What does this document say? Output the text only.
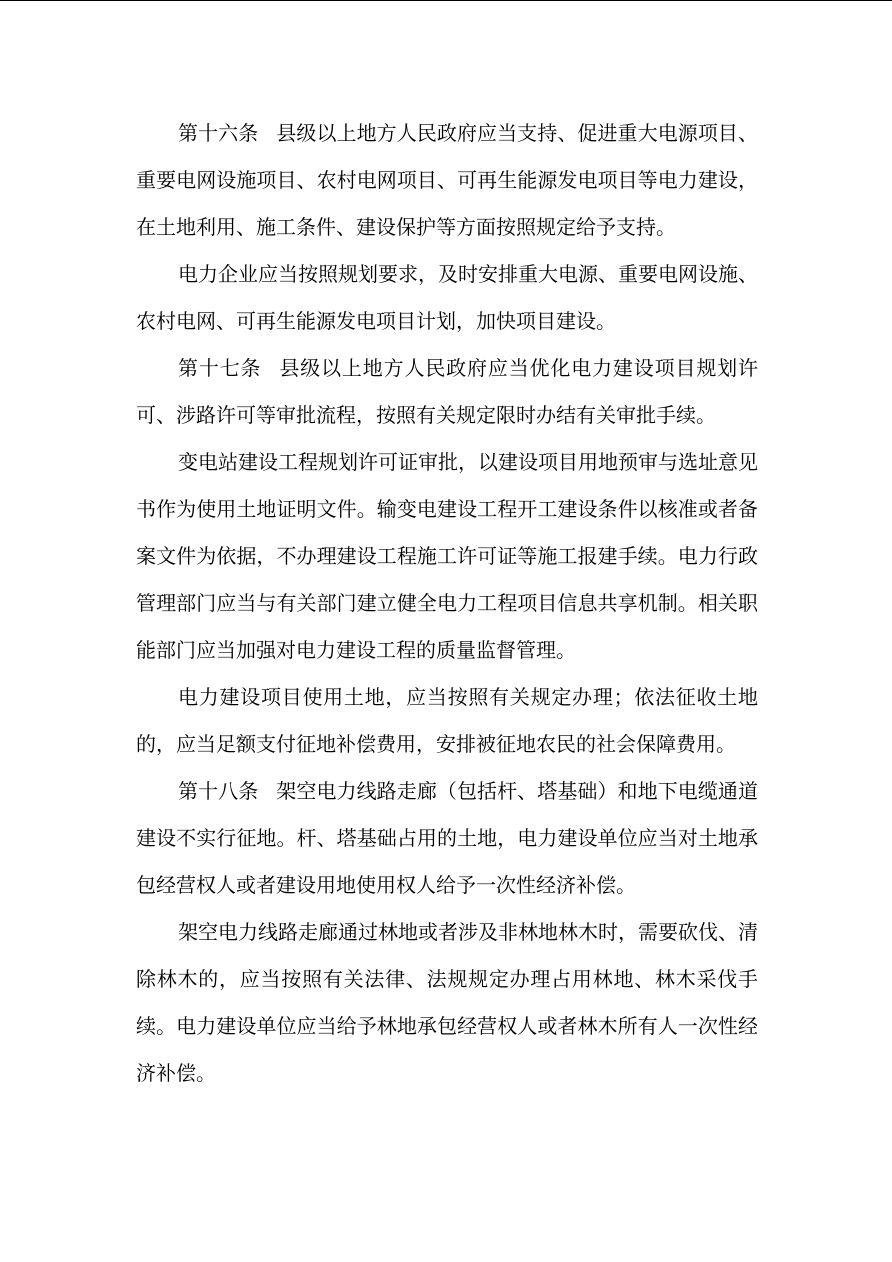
第十六条 县级以上地方人民政府应当支持、促进重大电源项目、重要电网设施项目、农村电网项目、可再生能源发电项目等电力建设，在土地利用、施工条件、建设保护等方面按照规定给予支持。

电力企业应当按照规划要求，及时安排重大电源、重要电网设施、农村电网、可再生能源发电项目计划，加快项目建设。

第十七条 县级以上地方人民政府应当优化电力建设项目规划许可、涉路许可等审批流程，按照有关规定限时办结有关审批手续。

变电站建设工程规划许可证审批，以建设项目用地预审与选址意见书作为使用土地证明文件。输变电建设工程开工建设条件以核准或者备案文件为依据，不办理建设工程施工许可证等施工报建手续。电力行政管理部门应当与有关部门建立健全电力工程项目信息共享机制。相关职能部门应当加强对电力建设工程的质量监督管理。

电力建设项目使用土地，应当按照有关规定办理；依法征收土地的，应当足额支付征地补偿费用，安排被征地农民的社会保障费用。

第十八条 架空电力线路走廊（包括杆、塔基础）和地下电缆通道建设不实行征地。杆、塔基础占用的土地，电力建设单位应当对土地承包经营权人或者建设用地使用权人给予一次性经济补偿。

架空电力线路走廊通过林地或者涉及非林地林木时，需要砍伐、清除林木的，应当按照有关法律、法规规定办理占用林地、林木采伐手续。电力建设单位应当给予林地承包经营权人或者林木所有人一次性经济补偿。
